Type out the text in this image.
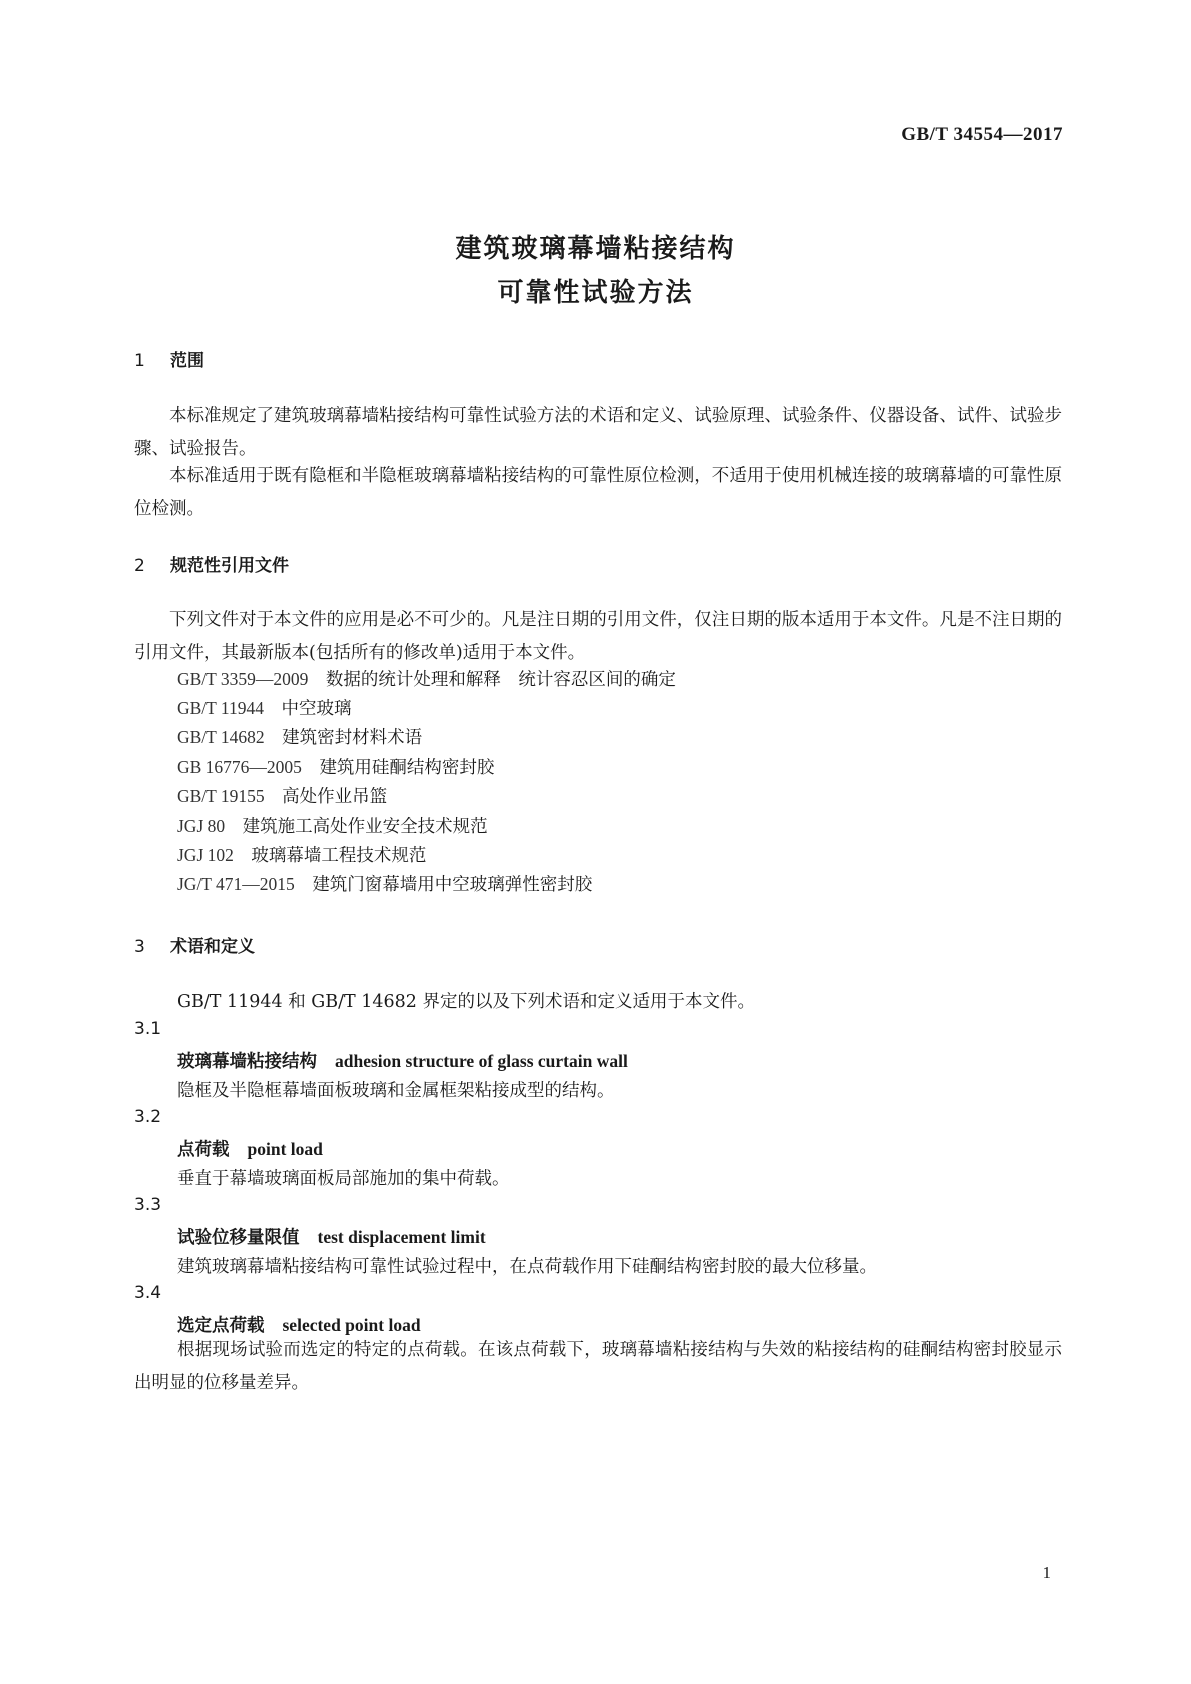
GB/T 34554—2017
建筑玻璃幕墙粘接结构
可靠性试验方法
1 范围

本标准规定了建筑玻璃幕墙粘接结构可靠性试验方法的术语和定义、试验原理、试验条件、仪器设备、试件、试验步骤、试验报告。

本标准适用于既有隐框和半隐框玻璃幕墙粘接结构的可靠性原位检测，不适用于使用机械连接的玻璃幕墙的可靠性原位检测。

2 规范性引用文件

下列文件对于本文件的应用是必不可少的。凡是注日期的引用文件，仅注日期的版本适用于本文件。凡是不注日期的引用文件，其最新版本(包括所有的修改单)适用于本文件。

GB/T 3359—2009　 数据的统计处理和解释　统计容忍区间的确定
GB/T 11944　 中空玻璃
GB/T 14682　 建筑密封材料术语
GB 16776—2005　 建筑用硅酮结构密封胶
GB/T 19155　 高处作业吊篮
JGJ 80　 建筑施工高处作业安全技术规范
JGJ 102　 玻璃幕墙工程技术规范
JG/T 471—2015　 建筑门窗幕墙用中空玻璃弹性密封胶
3 术语和定义
GB/T 11944 和 GB/T 14682 界定的以及下列术语和定义适用于本文件。
3.1
玻璃幕墙粘接结构 adhesion structure of glass curtain wall
隐框及半隐框幕墙面板玻璃和金属框架粘接成型的结构。
3.2
点荷载 point load
垂直于幕墙玻璃面板局部施加的集中荷载。
3.3
试验位移量限值 test displacement limit
建筑玻璃幕墙粘接结构可靠性试验过程中，在点荷载作用下硅酮结构密封胶的最大位移量。
3.4
选定点荷载 selected point load

根据现场试验而选定的特定的点荷载。在该点荷载下，玻璃幕墙粘接结构与失效的粘接结构的硅酮结构密封胶显示出明显的位移量差异。

1
